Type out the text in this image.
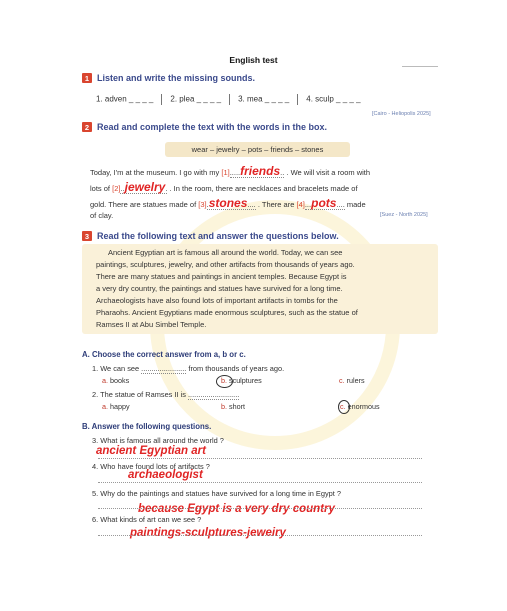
English test
1 Listen and write the missing sounds.
1. adven _ _ _ _ 2. plea _ _ _ _ 3. mea _ _ _ _ 4. sculp _ _ _ _
[Cairo - Heliopolis 2025]
2 Read and complete the text with the words in the box.
wear – jewelry – pots – friends – stones
Today, I'm at the museum. I go with my [1].....friends.. . We will visit a room with
lots of [2]..jewelry. . In the room, there are necklaces and bracelets made of
gold. There are statues made of [3].stones.... . There are [4]...pots.... made
of clay.	[Suez - North 2025]
3 Read the following text and answer the questions below.
Ancient Egyptian art is famous all around the world. Today, we can see
paintings, sculptures, jewelry, and other artifacts from thousands of years ago.
There are many statues and paintings in ancient temples. Because Egypt is
a very dry country, the paintings and statues have survived for a long time.
Archaeologists have also found lots of important artifacts in tombs for the
Pharaohs. Ancient Egyptians made enormous sculptures, such as the statue of
Ramses II at Abu Simbel Temple.
A. Choose the correct answer from a, b or c.
1. We can see ...................... from thousands of years ago.
a. books	b. sculptures	c. rulers
2. The statue of Ramses II is .........................
a. happy	b. short	c. enormous
B. Answer the following questions.
3. What is famous all around the world ?
ancient Egyptian art
4. Who have found lots of artifacts ?
archaeologist
5. Why do the paintings and statues have survived for a long time in Egypt ?
because Egypt is a very dry country
6. What kinds of art can we see ?
paintings-sculptures-jeweiry
